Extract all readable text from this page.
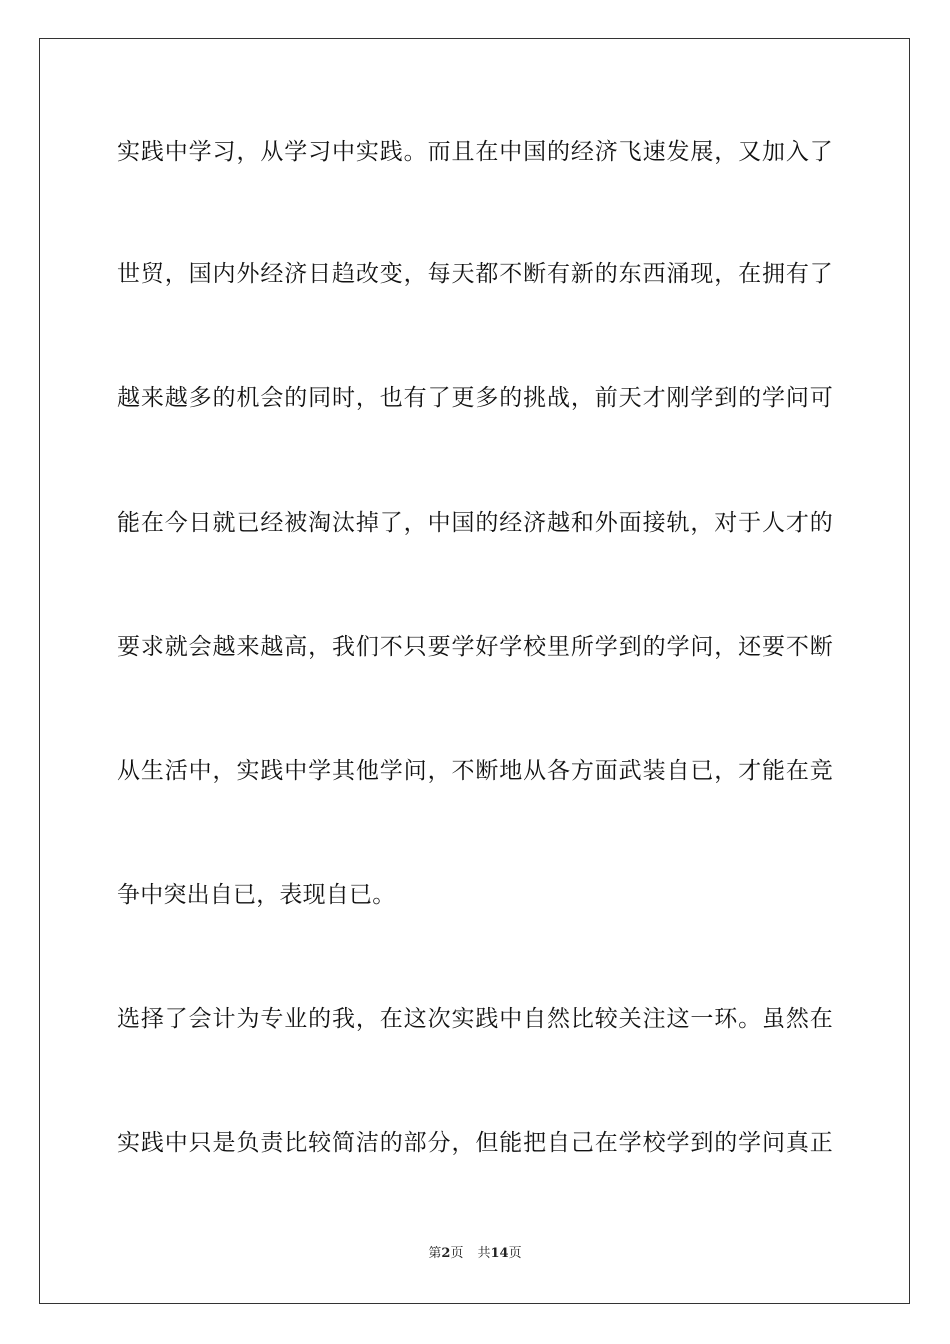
实践中学习，从学习中实践。而且在中国的经济飞速发展，又加入了
世贸，国内外经济日趋改变，每天都不断有新的东西涌现，在拥有了
越来越多的机会的同时，也有了更多的挑战，前天才刚学到的学问可
能在今日就已经被淘汰掉了，中国的经济越和外面接轨，对于人才的
要求就会越来越高，我们不只要学好学校里所学到的学问，还要不断
从生活中，实践中学其他学问，不断地从各方面武装自已，才能在竞
争中突出自已，表现自已。
选择了会计为专业的我，在这次实践中自然比较关注这一环。虽然在
实践中只是负责比较简洁的部分，但能把自己在学校学到的学问真正
第2页 共14页
